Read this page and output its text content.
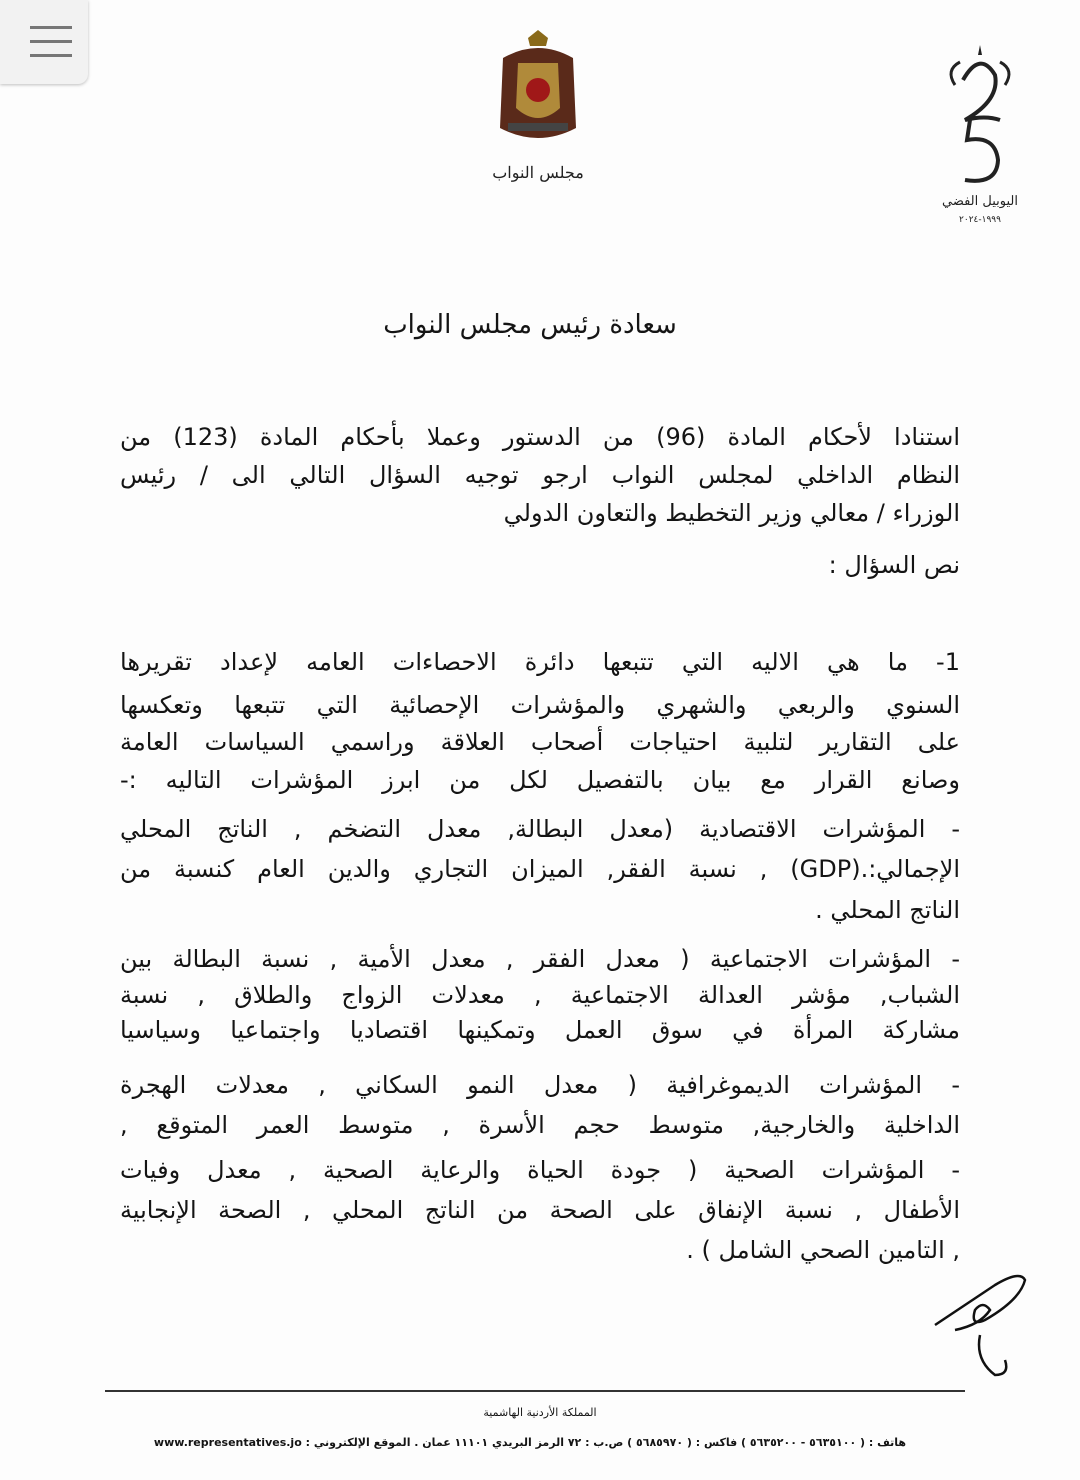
مجلس النواب
اليوبيل الفضي
١٩٩٩-٢٠٢٤
سعادة رئيس مجلس النواب
استنادا لأحكام المادة (96) من الدستور وعملا بأحكام المادة (123) من
النظام الداخلي لمجلس النواب ارجو توجيه السؤال التالي الى / رئيس
الوزراء / معالي وزير التخطيط والتعاون الدولي
نص السؤال :
1- ما هي الاليه التي تتبعها دائرة الاحصاءات العامه لإعداد تقريرها
السنوي والربعي والشهري والمؤشرات الإحصائية التي تتبعها وتعكسها
على التقارير لتلبية احتياجات أصحاب العلاقة وراسمي السياسات العامة
وصانع القرار مع بيان بالتفصيل لكل من ابرز المؤشرات التاليه :-
- المؤشرات الاقتصادية (معدل البطالة, معدل التضخم , الناتج المحلي
الإجمالي:.(GDP) , نسبة الفقر, الميزان التجاري والدين العام كنسبة من
الناتج المحلي .
- المؤشرات الاجتماعية ( معدل الفقر , معدل الأمية , نسبة البطالة بين
الشباب, مؤشر العدالة الاجتماعية , معدلات الزواج والطلاق , نسبة
مشاركة المرأة في سوق العمل وتمكينها اقتصاديا واجتماعيا وسياسيا
- المؤشرات الديموغرافية ( معدل النمو السكاني , معدلات الهجرة
الداخلية والخارجية, متوسط حجم الأسرة , متوسط العمر المتوقع ,
- المؤشرات الصحية ( جودة الحياة والرعاية الصحية , معدل وفيات
الأطفال , نسبة الإنفاق على الصحة من الناتج المحلي , الصحة الإنجابية
, التامين الصحي الشامل ) .
المملكة الأردنية الهاشمية
هاتف : ( ٥٦٣٥١٠٠ - ٥٦٣٥٢٠٠ ) فاكس : ( ٥٦٨٥٩٧٠ ) ص.ب : ٧٢ الرمز البريدي ١١١٠١ عمان . الموقع الإلكتروني : www.representatives.jo
